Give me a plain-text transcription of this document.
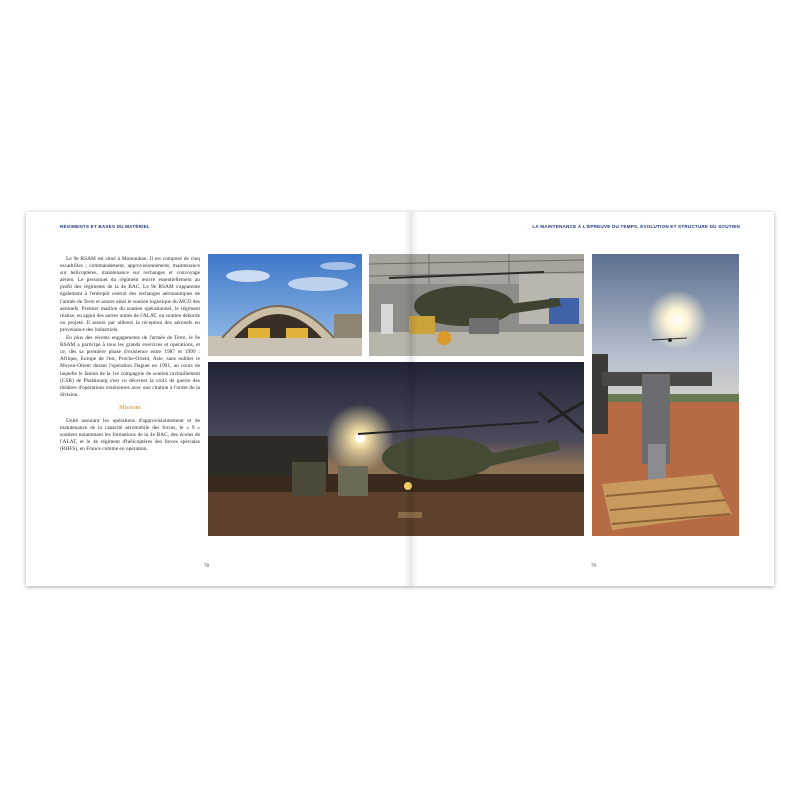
RÉGIMENTS ET BASES DU MATÉRIEL	LA MAINTENANCE À L'ÉPREUVE DU TEMPS, ÉVOLUTION ET STRUCTURE DU SOUTIEN

Le 9e RSAM est situé à Montauban. Il est composé de cinq escadrilles : commandement, approvisionnement, maintenance sur hélicoptères, maintenance sur rechanges et convoyage aérien. Le personnel du régiment œuvre essentiellement au profit des régiments de la 4e BAC. Le 9e RSAM s'apparente également à l'entrepôt central des rechanges aéronautiques de l'armée de Terre et assure ainsi le soutien logistique du MCO des aéronefs. Premier maillon du soutien opérationnel, le régiment réalise, en appui des autres unités de l'ALAT, un soutien déborde ou projeté. Il assure par ailleurs la réception des aéronefs en provenance des industriels.

En plus des récents engagements de l'armée de Terre, le 9e RSAM a participé à tous les grands exercices et opérations, et ce, dès sa première phase d'existence entre 1987 et 1999 : Afrique, Europe de l'est, Proche-Orient, Asie, sans oublier le Moyen-Orient durant l'opération Daguet en 1991, au cours de laquelle le fanion de la 1re compagnie de soutien ravitaillement (CSR) de Phalsbourg s'est vu décerner la croix de guerre des théâtres d'opérations extérieures avec une citation à l'ordre de la division.

Missions

Unité assurant les opérations d'approvisionnement et de maintenance de la capacité aéromobile des forces, le « 9 » soutient notamment les formations de la 4e BAC, des écoles de l'ALAT, et le 4e régiment d'hélicoptères des forces spéciales (RHFS), en France comme en opération.

78	79
